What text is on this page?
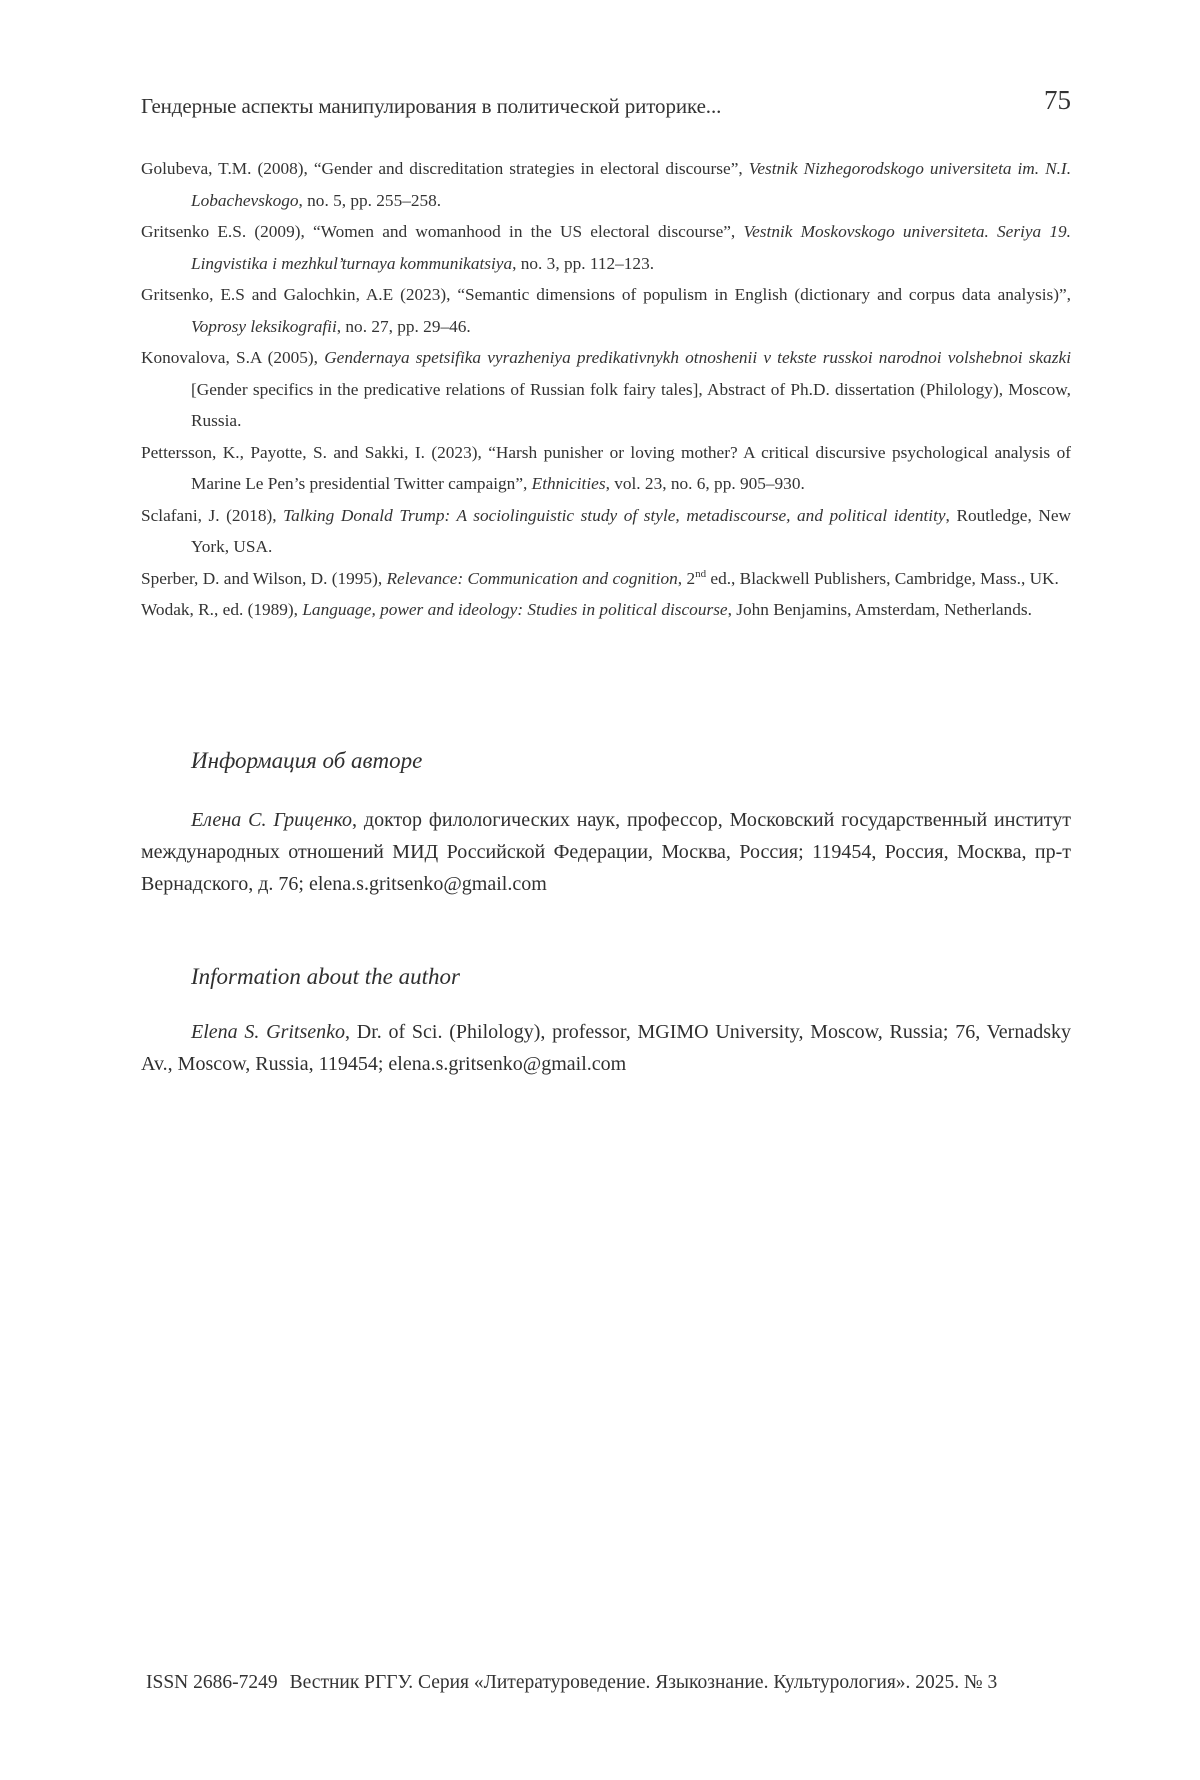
Гендерные аспекты манипулирования в политической риторике...	75

Golubeva, T.M. (2008), “Gender and discreditation strategies in electoral discourse”, Vestnik Nizhegorodskogo universiteta im. N.I. Lobachevskogo, no. 5, pp. 255–258.

Gritsenko E.S. (2009), “Women and womanhood in the US electoral discourse”, Vestnik Moskovskogo universiteta. Seriya 19. Lingvistika i mezhkul’turnaya kommunikatsiya, no. 3, pp. 112–123.

Gritsenko, E.S and Galochkin, A.E (2023), “Semantic dimensions of populism in English (dictionary and corpus data analysis)”, Voprosy leksikografii, no. 27, pp. 29–46.

Konovalova, S.A (2005), Gendernaya spetsifika vyrazheniya predikativnykh otnoshenii v tekste russkoi narodnoi volshebnoi skazki [Gender specifics in the predicative relations of Russian folk fairy tales], Abstract of Ph.D. dissertation (Philology), Moscow, Russia.

Pettersson, K., Payotte, S. and Sakki, I. (2023), “Harsh punisher or loving mother? A critical discursive psychological analysis of Marine Le Pen’s presidential Twitter campaign”, Ethnicities, vol. 23, no. 6, pp. 905–930.

Sclafani, J. (2018), Talking Donald Trump: A sociolinguistic study of style, metadiscourse, and political identity, Routledge, New York, USA.

Sperber, D. and Wilson, D. (1995), Relevance: Communication and cognition, 2nd ed., Blackwell Publishers, Cambridge, Mass., UK.

Wodak, R., ed. (1989), Language, power and ideology: Studies in political discourse, John Benjamins, Amsterdam, Netherlands.

Информация об авторе

Елена С. Гриценко, доктор филологических наук, профессор, Московский государственный институт международных отношений МИД Российской Федерации, Москва, Россия; 119454, Россия, Москва, пр-т Вернадского, д. 76; elena.s.gritsenko@gmail.com

Information about the author

Elena S. Gritsenko, Dr. of Sci. (Philology), professor, MGIMO University, Moscow, Russia; 76, Vernadsky Av., Moscow, Russia, 119454; elena.s.gritsenko@gmail.com

ISSN 2686-7249 Вестник РГГУ. Серия «Литературоведение. Языкознание. Культурология». 2025. № 3
